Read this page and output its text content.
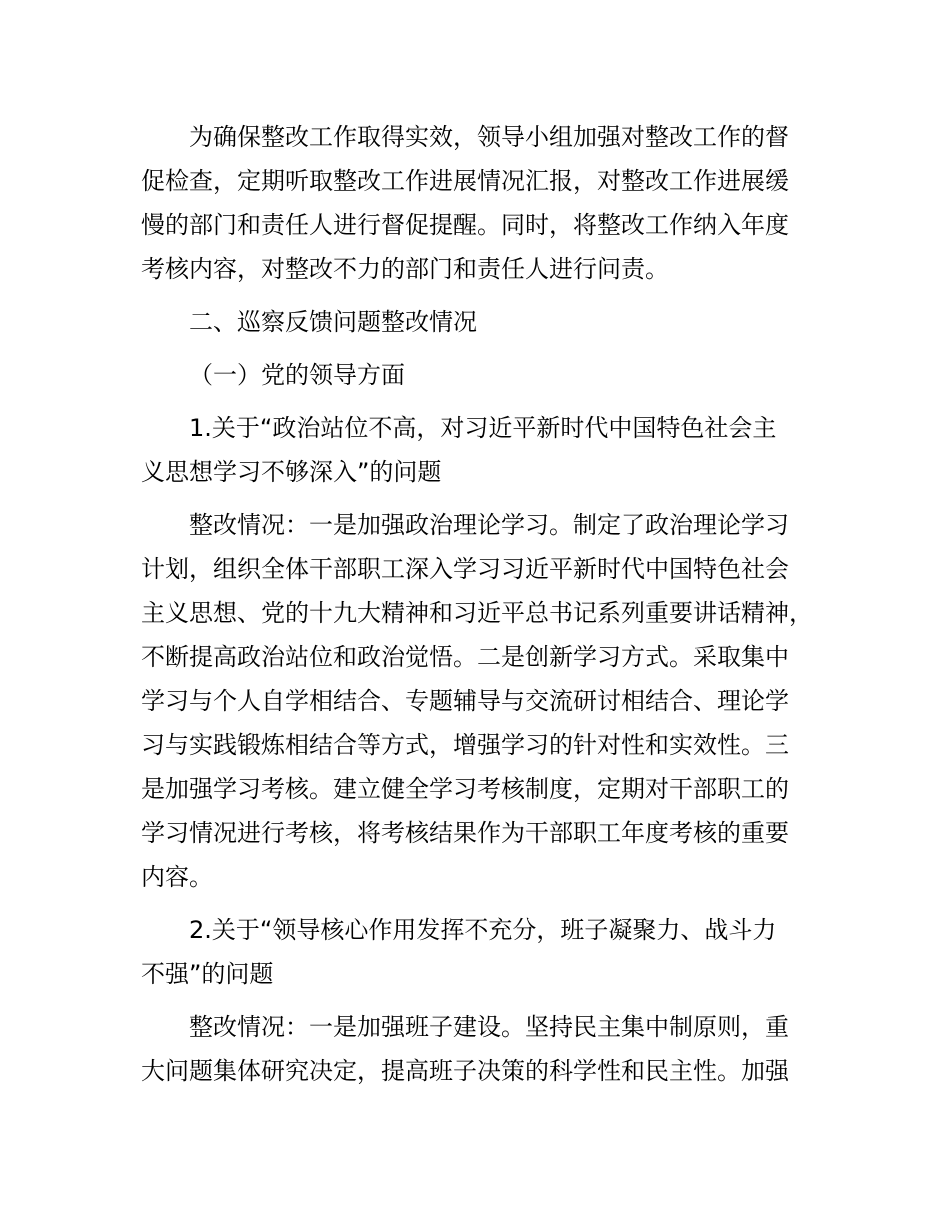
为确保整改工作取得实效，领导小组加强对整改工作的督
促检查，定期听取整改工作进展情况汇报，对整改工作进展缓
慢的部门和责任人进行督促提醒。同时，将整改工作纳入年度
考核内容，对整改不力的部门和责任人进行问责。
二、巡察反馈问题整改情况
（一）党的领导方面
1.关于“政治站位不高，对习近平新时代中国特色社会主
义思想学习不够深入”的问题
整改情况：一是加强政治理论学习。制定了政治理论学习
计划，组织全体干部职工深入学习习近平新时代中国特色社会
主义思想、党的十九大精神和习近平总书记系列重要讲话精神，
不断提高政治站位和政治觉悟。二是创新学习方式。采取集中
学习与个人自学相结合、专题辅导与交流研讨相结合、理论学
习与实践锻炼相结合等方式，增强学习的针对性和实效性。三
是加强学习考核。建立健全学习考核制度，定期对干部职工的
学习情况进行考核，将考核结果作为干部职工年度考核的重要
内容。
2.关于“领导核心作用发挥不充分，班子凝聚力、战斗力
不强”的问题
整改情况：一是加强班子建设。坚持民主集中制原则，重
大问题集体研究决定，提高班子决策的科学性和民主性。加强
